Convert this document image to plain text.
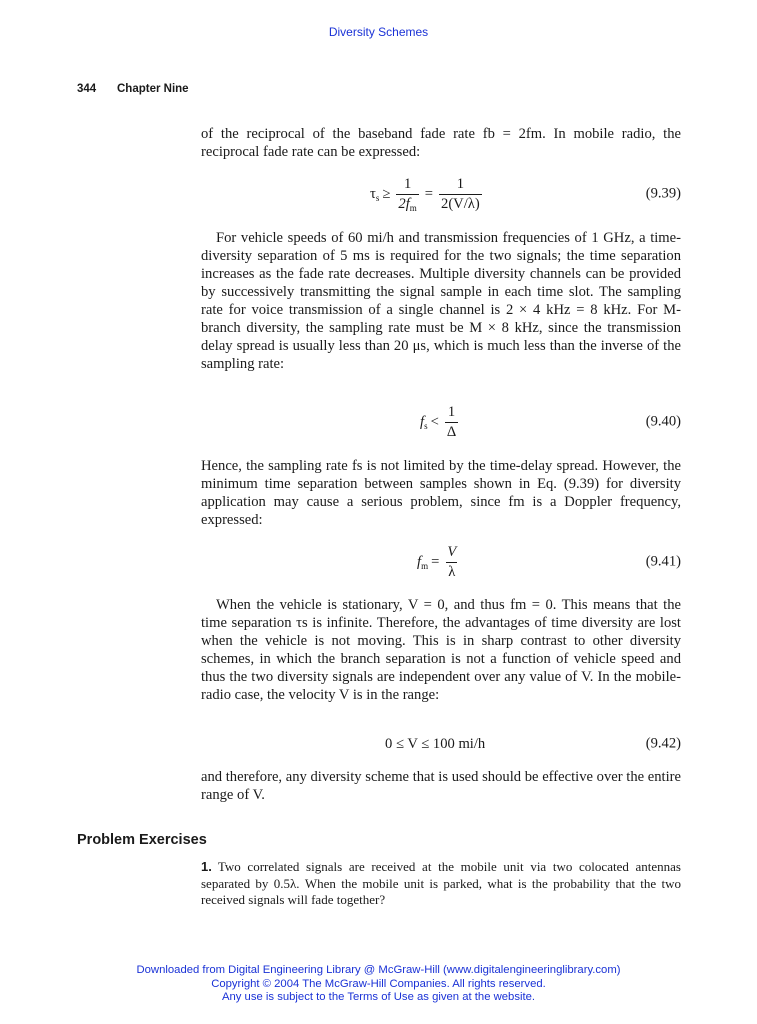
Diversity Schemes
344 Chapter Nine

of the reciprocal of the baseband fade rate fb = 2fm. In mobile radio, the reciprocal fade rate can be expressed:

$\tau_s \ge \frac{1}{2f_m} = \frac{1}{2(V/\lambda)}$	(9.39)

For vehicle speeds of 60 mi/h and transmission frequencies of 1 GHz, a time-diversity separation of 5 ms is required for the two signals; the time separation increases as the fade rate decreases. Multiple diversity channels can be provided by successively transmitting the signal sample in each time slot. The sampling rate for voice transmission of a single channel is 2 × 4 kHz = 8 kHz. For M-branch diversity, the sampling rate must be M × 8 kHz, since the transmission delay spread is usually less than 20 μs, which is much less than the inverse of the sampling rate:

$f_s < \frac{1}{\Delta}$	(9.40)

Hence, the sampling rate fs is not limited by the time-delay spread. However, the minimum time separation between samples shown in Eq. (9.39) for diversity application may cause a serious problem, since fm is a Doppler frequency, expressed:

$f_m = \frac{V}{\lambda}$	(9.41)

When the vehicle is stationary, V = 0, and thus fm = 0. This means that the time separation τs is infinite. Therefore, the advantages of time diversity are lost when the vehicle is not moving. This is in sharp contrast to other diversity schemes, in which the branch separation is not a function of vehicle speed and thus the two diversity signals are independent over any value of V. In the mobile-radio case, the velocity V is in the range:

0 ≤ V ≤ 100 mi/h	(9.42)

and therefore, any diversity scheme that is used should be effective over the entire range of V.

Problem Exercises

1. Two correlated signals are received at the mobile unit via two colocated antennas separated by 0.5λ. When the mobile unit is parked, what is the probability that the two received signals will fade together?

Downloaded from Digital Engineering Library @ McGraw-Hill (www.digitalengineeringlibrary.com)
Copyright © 2004 The McGraw-Hill Companies. All rights reserved.
Any use is subject to the Terms of Use as given at the website.
